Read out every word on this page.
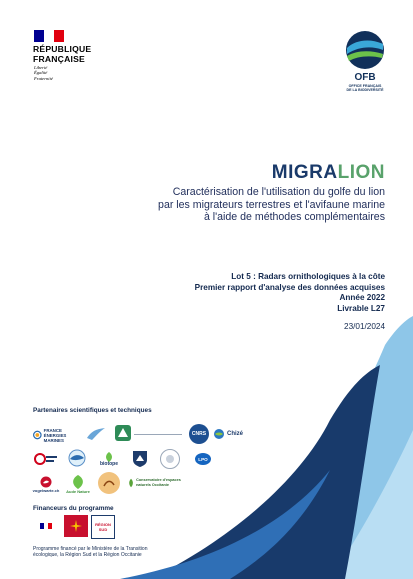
RÉPUBLIQUE
FRANÇAISE
Liberté
Égalité
Fraternité	OFB
OFFICE FRANÇAIS
DE LA BIODIVERSITÉ
MIGRALION
Caractérisation de l'utilisation du golfe du lion
par les migrateurs terrestres et l'avifaune marine
à l'aide de méthodes complémentaires
Lot 5 : Radars ornithologiques à la côte
Premier rapport d'analyse des données acquises
Année 2022
Livrable L27
23/01/2024
Partenaires scientifiques et techniques
FRANCE ÉNERGIES MARINES
CNRS	Chizé
biotope
LPO
vogelwarte.ch Aude Nature
Conservatoire d'espaces naturels Occitanie
Financeurs du programme
RÉGION SUD
Programme financé par le Ministère de la Transition
écologique, la Région Sud et la Région Occitanie
